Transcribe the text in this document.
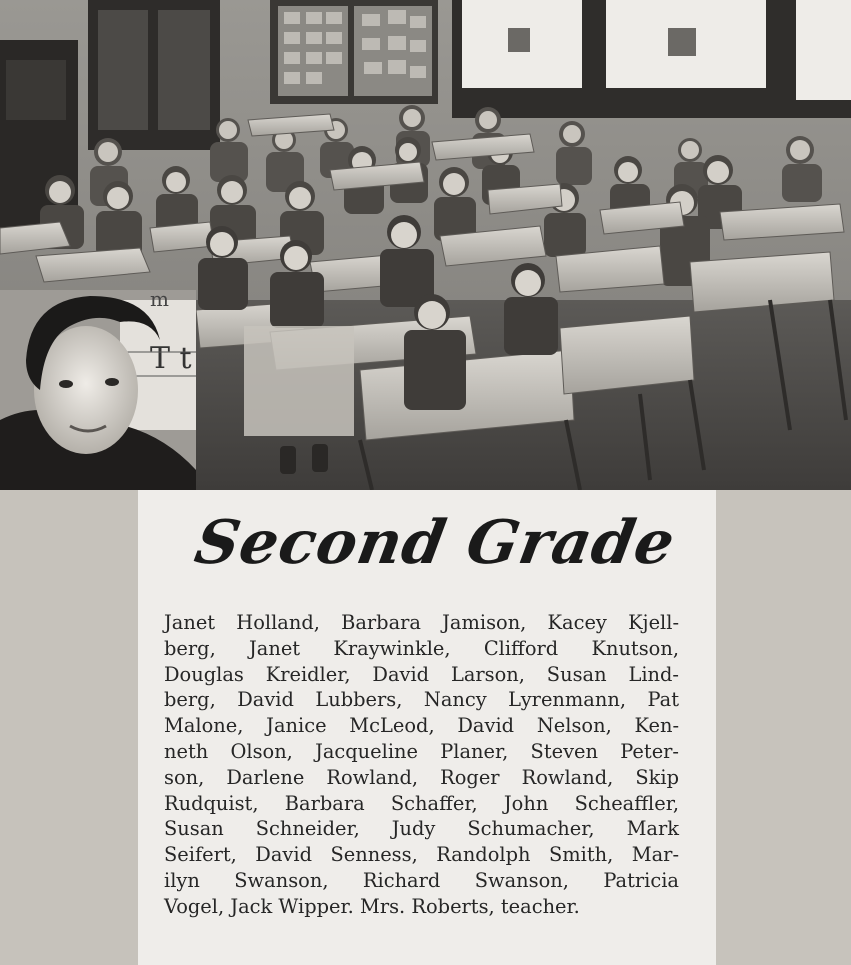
m
T t
Second Grade
Janet Holland, Barbara Jamison, Kacey Kjell-
berg, Janet Kraywinkle, Clifford Knutson,
Douglas Kreidler, David Larson, Susan Lind-
berg, David Lubbers, Nancy Lyrenmann, Pat
Malone, Janice McLeod, David Nelson, Ken-
neth Olson, Jacqueline Planer, Steven Peter-
son, Darlene Rowland, Roger Rowland, Skip
Rudquist, Barbara Schaffer, John Scheaffler,
Susan Schneider, Judy Schumacher, Mark
Seifert, David Senness, Randolph Smith, Mar-
ilyn Swanson, Richard Swanson, Patricia
Vogel, Jack Wipper. Mrs. Roberts, teacher.
